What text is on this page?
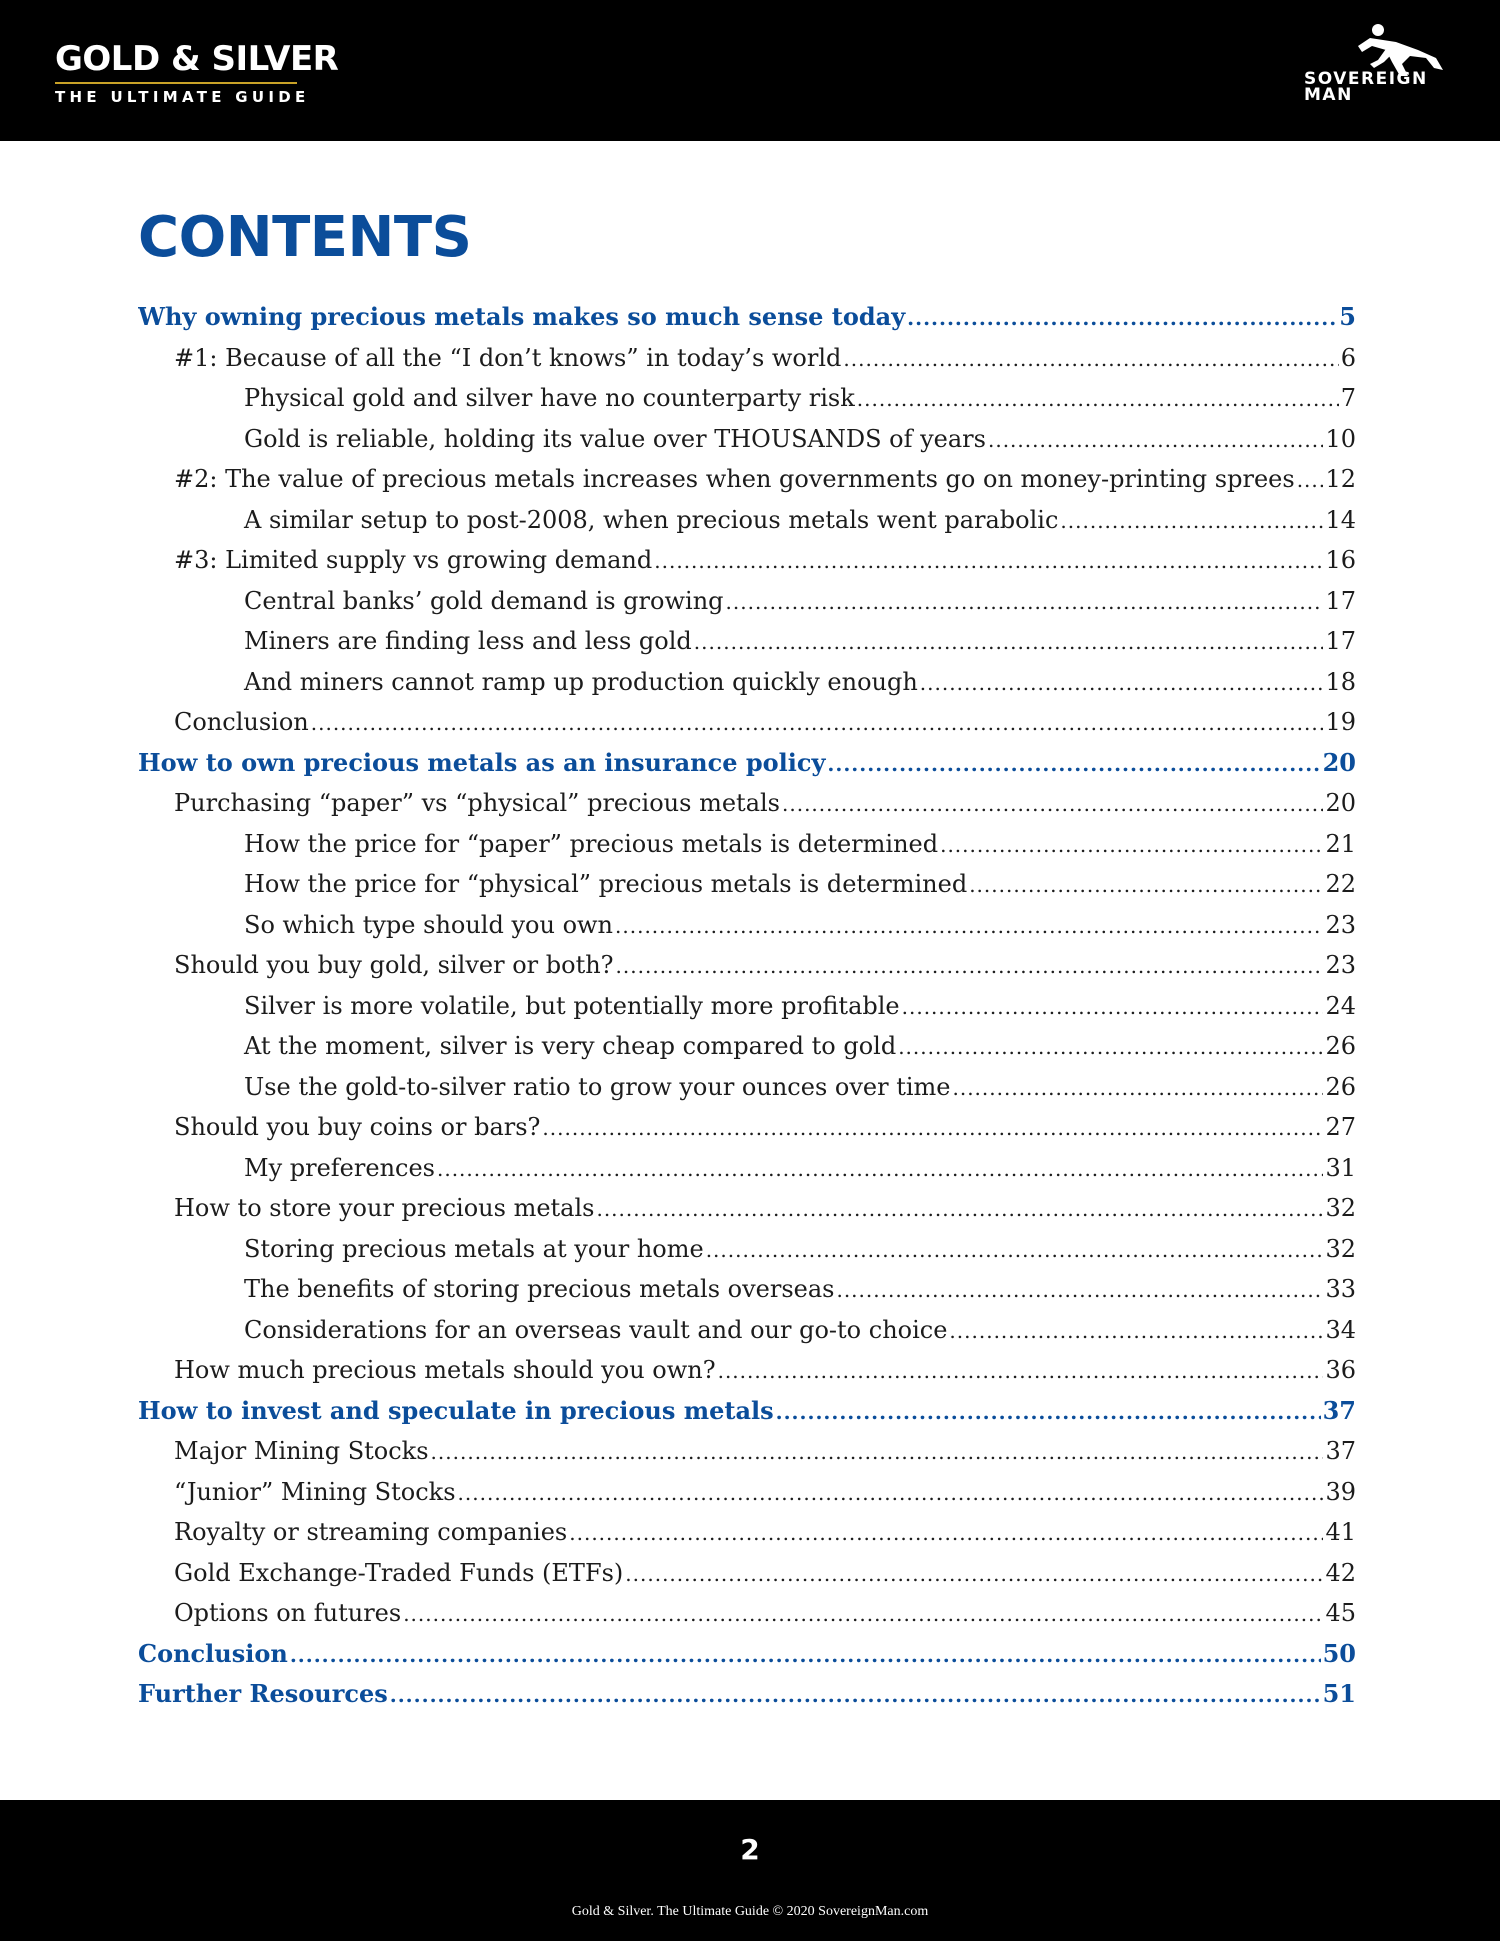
GOLD & SILVER
THE ULTIMATE GUIDE
SOVEREIGN
MAN
CONTENTS
Why owning precious metals makes so much sense today .....	5
#1: Because of all the “I don’t knows” in today’s world .....	6
Physical gold and silver have no counterparty risk .....	7
Gold is reliable, holding its value over THOUSANDS of years .....	10
#2: The value of precious metals increases when governments go on money-printing sprees ..... 12
A similar setup to post-2008, when precious metals went parabolic .....	14
#3: Limited supply vs growing demand .....	16
Central banks’ gold demand is growing .....	17
Miners are finding less and less gold .....	17
And miners cannot ramp up production quickly enough .....	18
Conclusion .....	19
How to own precious metals as an insurance policy .....	20
Purchasing “paper” vs “physical” precious metals .....	20
How the price for “paper” precious metals is determined .....	21
How the price for “physical” precious metals is determined .....	22
So which type should you own .....	23
Should you buy gold, silver or both? .....	23
Silver is more volatile, but potentially more profitable .....	24
At the moment, silver is very cheap compared to gold .....	26
Use the gold-to-silver ratio to grow your ounces over time .....	26
Should you buy coins or bars? .....	27
My preferences .....	31
How to store your precious metals .....	32
Storing precious metals at your home .....	32
The benefits of storing precious metals overseas .....	33
Considerations for an overseas vault and our go-to choice .....	34
How much precious metals should you own? .....	36
How to invest and speculate in precious metals .....	37
Major Mining Stocks .....	37
“Junior” Mining Stocks .....	39
Royalty or streaming companies .....	41
Gold Exchange-Traded Funds (ETFs) .....	42
Options on futures .....	45
Conclusion .....	50
Further Resources .....	51
2
Gold & Silver. The Ultimate Guide © 2020 SovereignMan.com
